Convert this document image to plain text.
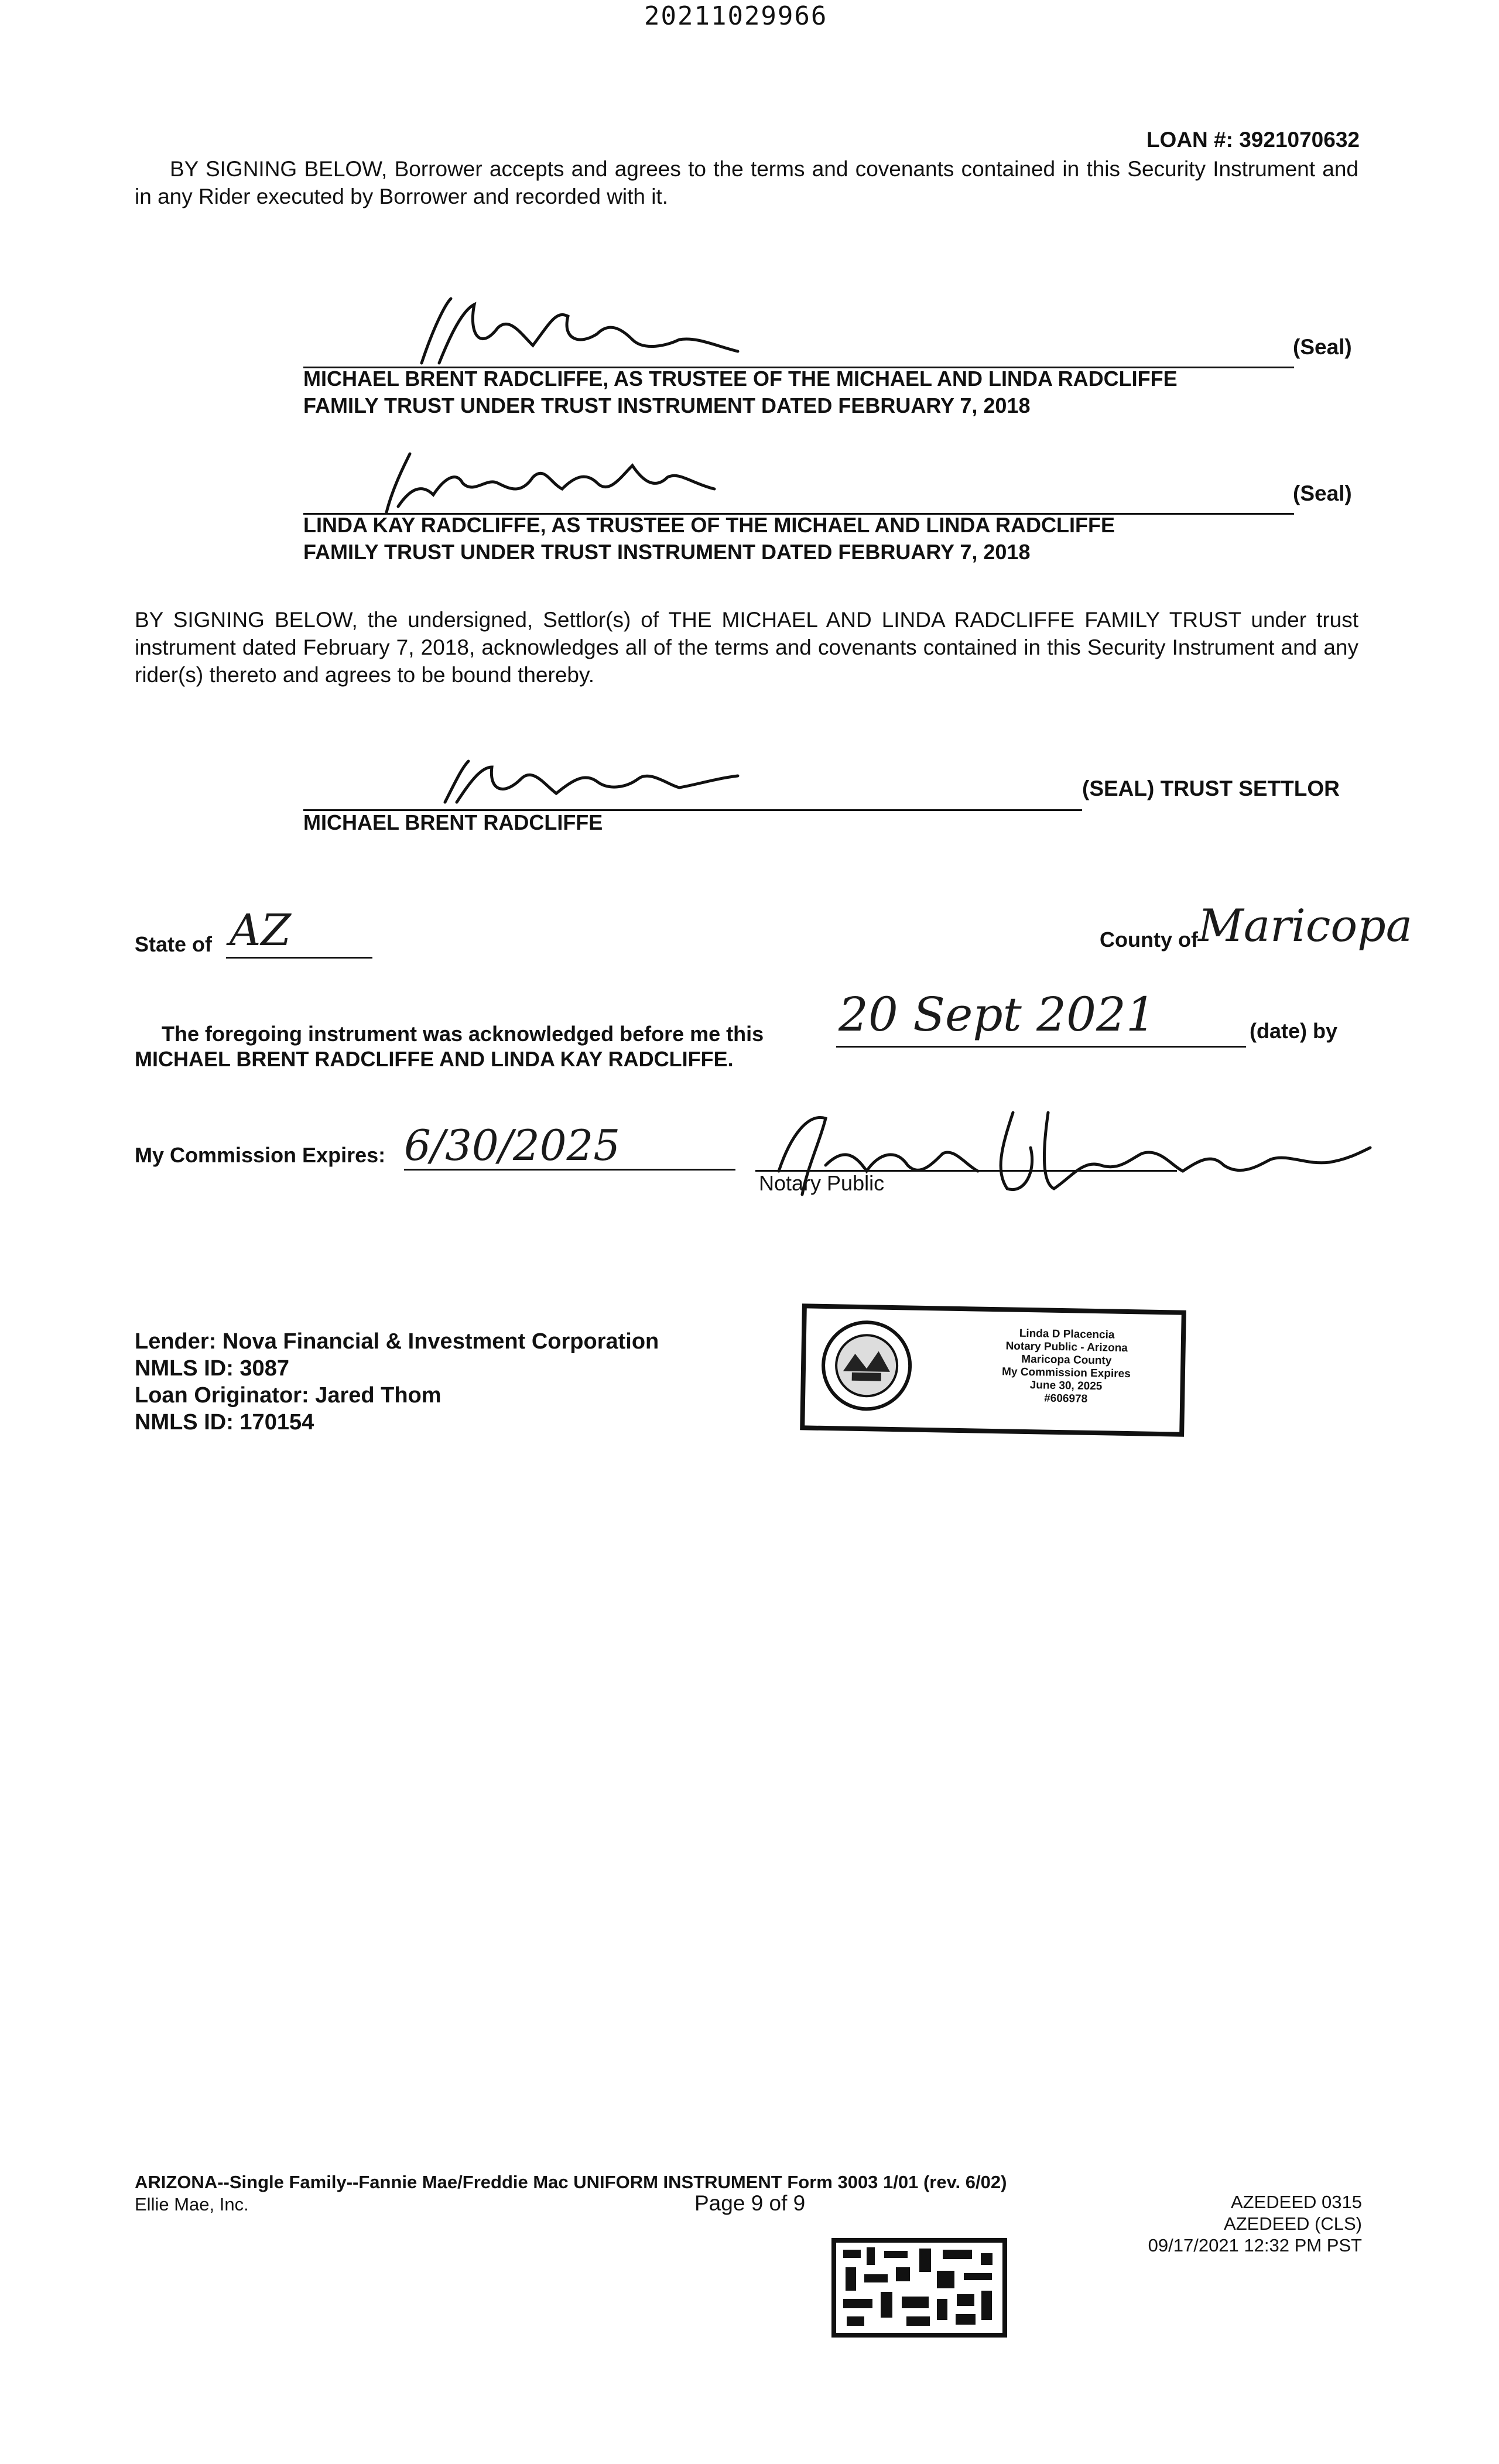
20211029966
LOAN #: 3921070632
BY SIGNING BELOW, Borrower accepts and agrees to the terms and covenants contained in this Security Instrument and in any Rider executed by Borrower and recorded with it.
(Seal)
MICHAEL BRENT RADCLIFFE, AS TRUSTEE OF THE MICHAEL AND LINDA RADCLIFFE
FAMILY TRUST UNDER TRUST INSTRUMENT DATED FEBRUARY 7, 2018
(Seal)
LINDA KAY RADCLIFFE, AS TRUSTEE OF THE MICHAEL AND LINDA RADCLIFFE
FAMILY TRUST UNDER TRUST INSTRUMENT DATED FEBRUARY 7, 2018
BY SIGNING BELOW, the undersigned, Settlor(s) of THE MICHAEL AND LINDA RADCLIFFE FAMILY TRUST under trust instrument dated February 7, 2018, acknowledges all of the terms and covenants contained in this Security Instrument and any rider(s) thereto and agrees to be bound thereby.
(SEAL) TRUST SETTLOR
MICHAEL BRENT RADCLIFFE
State of AZ	County of Maricopa
The foregoing instrument was acknowledged before me this 20 Sept 2021	(date) by
MICHAEL BRENT RADCLIFFE AND LINDA KAY RADCLIFFE.
My Commission Expires: 6/30/2025
Notary Public
Lender: Nova Financial & Investment Corporation
NMLS ID: 3087
Loan Originator: Jared Thom
NMLS ID: 170154
Linda D Placencia
Notary Public - Arizona
Maricopa County
My Commission Expires
June 30, 2025
#606978
ARIZONA--Single Family--Fannie Mae/Freddie Mac UNIFORM INSTRUMENT Form 3003 1/01 (rev. 6/02)
Ellie Mae, Inc.	Page 9 of 9	AZEDEED 0315
AZEDEED (CLS)
09/17/2021 12:32 PM PST
